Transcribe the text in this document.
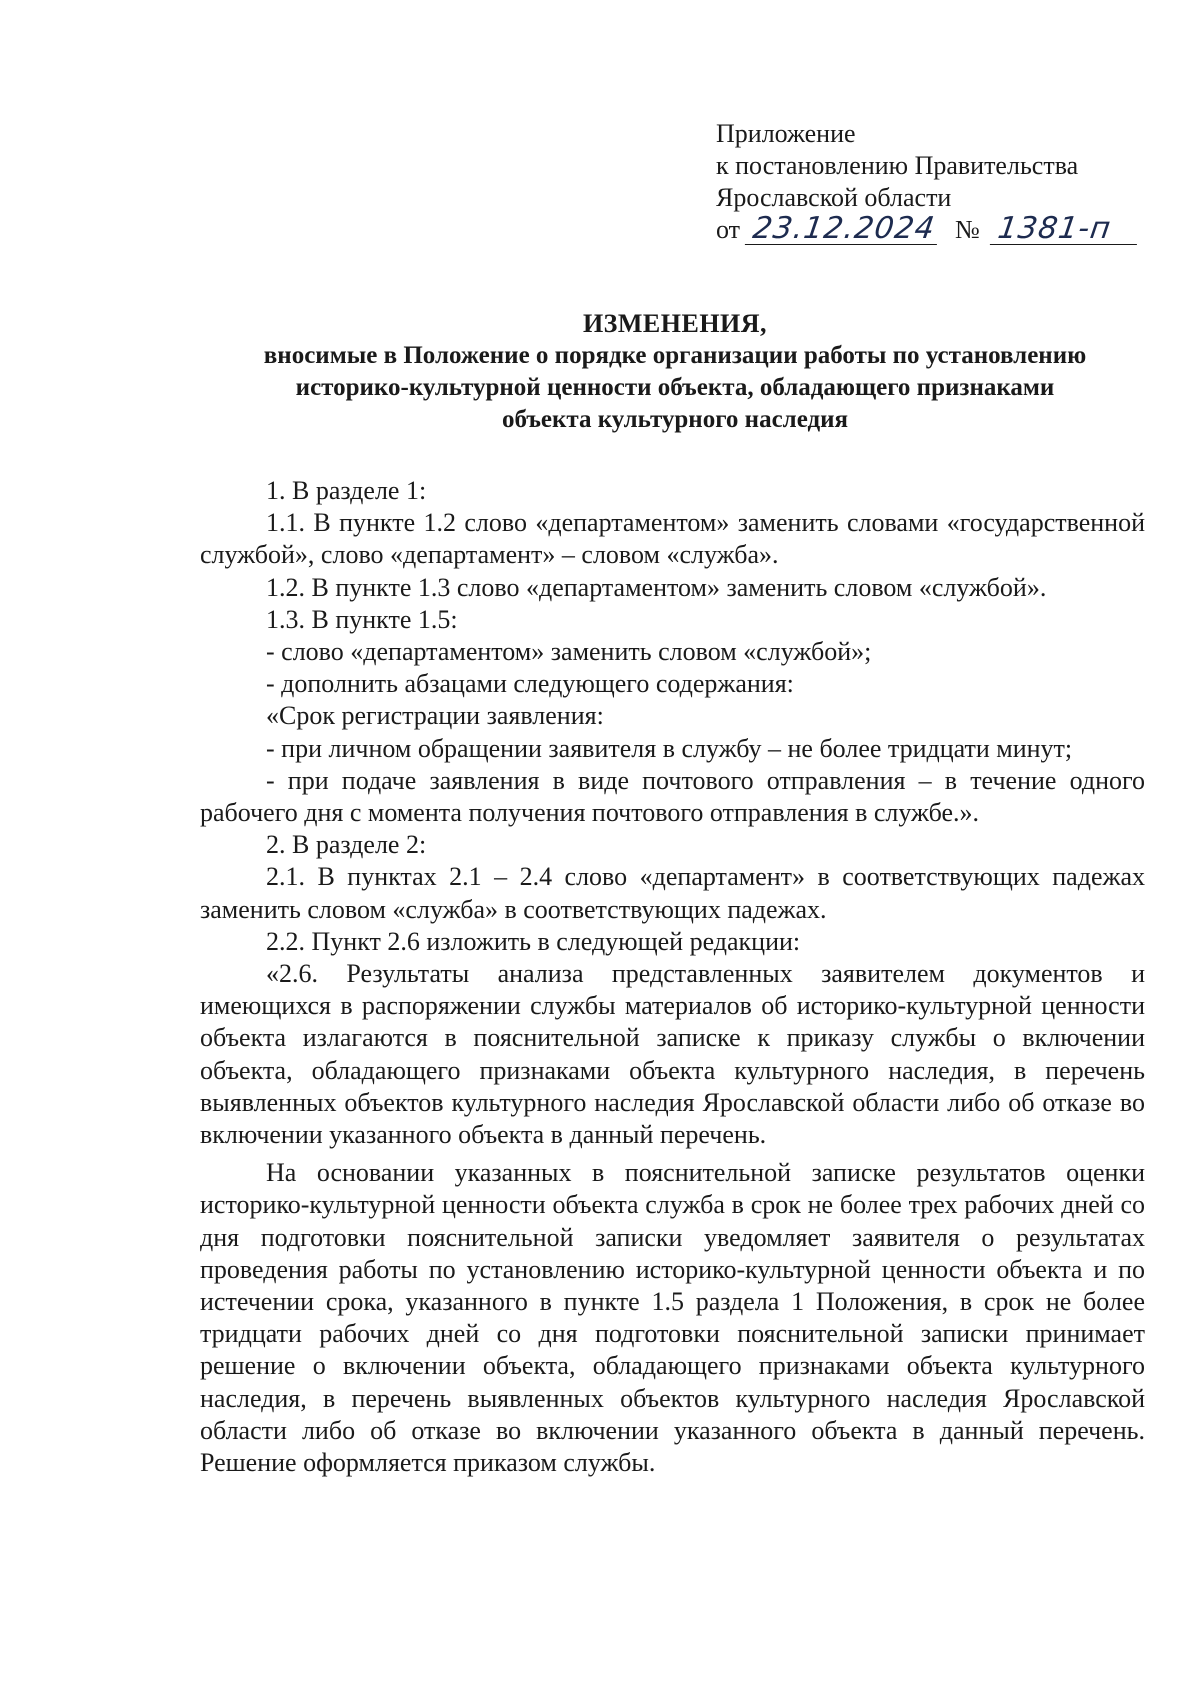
Приложение
к постановлению Правительства
Ярославской области
от 23.12.2024 № 1381-п
ИЗМЕНЕНИЯ,
вносимые в Положение о порядке организации работы по установлению
историко-культурной ценности объекта, обладающего признаками
объекта культурного наследия

1. В разделе 1:

1.1. В пункте 1.2 слово «департаментом» заменить словами «государственной службой», слово «департамент» – словом «служба».

1.2. В пункте 1.3 слово «департаментом» заменить словом «службой».

1.3. В пункте 1.5:

- слово «департаментом» заменить словом «службой»;

- дополнить абзацами следующего содержания:

«Срок регистрации заявления:

- при личном обращении заявителя в службу – не более тридцати минут;

- при подаче заявления в виде почтового отправления – в течение одного рабочего дня с момента получения почтового отправления в службе.».

2. В разделе 2:

2.1. В пунктах 2.1 – 2.4 слово «департамент» в соответствующих падежах заменить словом «служба» в соответствующих падежах.

2.2. Пункт 2.6 изложить в следующей редакции:

«2.6. Результаты анализа представленных заявителем документов и имеющихся в распоряжении службы материалов об историко-культурной ценности объекта излагаются в пояснительной записке к приказу службы о включении объекта, обладающего признаками объекта культурного наследия, в перечень выявленных объектов культурного наследия Ярославской области либо об отказе во включении указанного объекта в данный перечень.

На основании указанных в пояснительной записке результатов оценки историко-культурной ценности объекта служба в срок не более трех рабочих дней со дня подготовки пояснительной записки уведомляет заявителя о результатах проведения работы по установлению историко-культурной ценности объекта и по истечении срока, указанного в пункте 1.5 раздела 1 Положения, в срок не более тридцати рабочих дней со дня подготовки пояснительной записки принимает решение о включении объекта, обладающего признаками объекта культурного наследия, в перечень выявленных объектов культурного наследия Ярославской области либо об отказе во включении указанного объекта в данный перечень. Решение оформляется приказом службы.
